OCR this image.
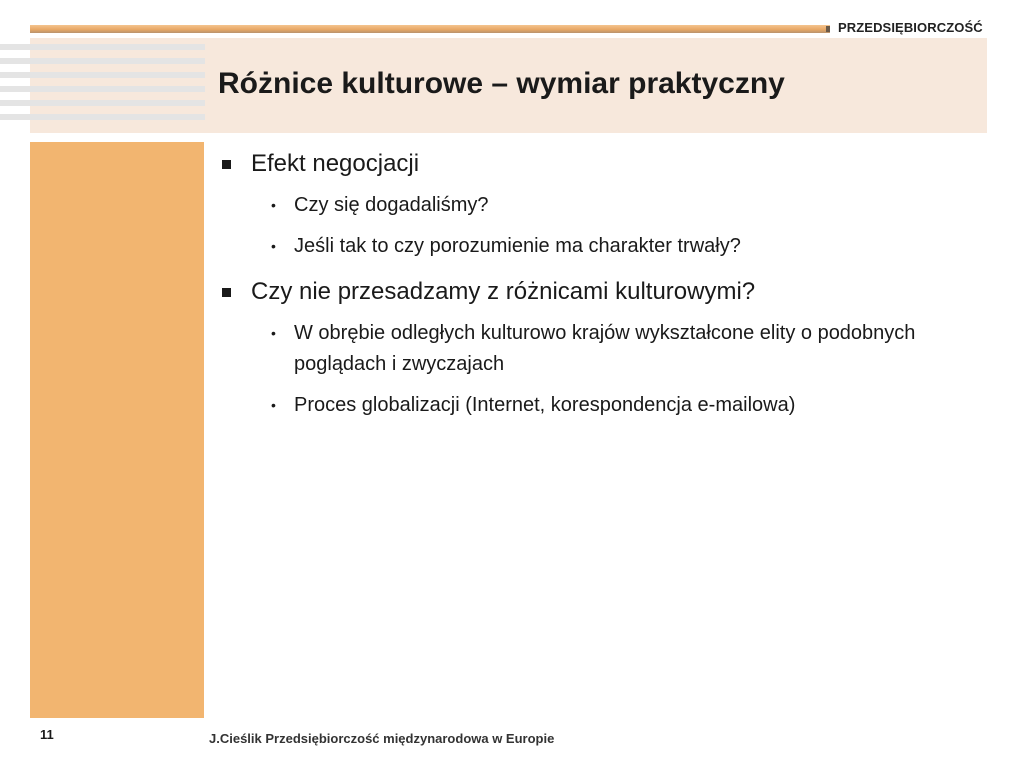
PRZEDSIĘBIORCZOŚĆ
Różnice kulturowe – wymiar praktyczny
Efekt negocjacji
• Czy się dogadaliśmy?
• Jeśli tak to czy porozumienie ma charakter trwały?
Czy nie przesadzamy z różnicami kulturowymi?
• W obrębie odległych kulturowo krajów wykształcone elity o podobnych poglądach i zwyczajach
• Proces globalizacji (Internet, korespondencja e-mailowa)
11	J.Cieślik Przedsiębiorczość międzynarodowa w Europie
